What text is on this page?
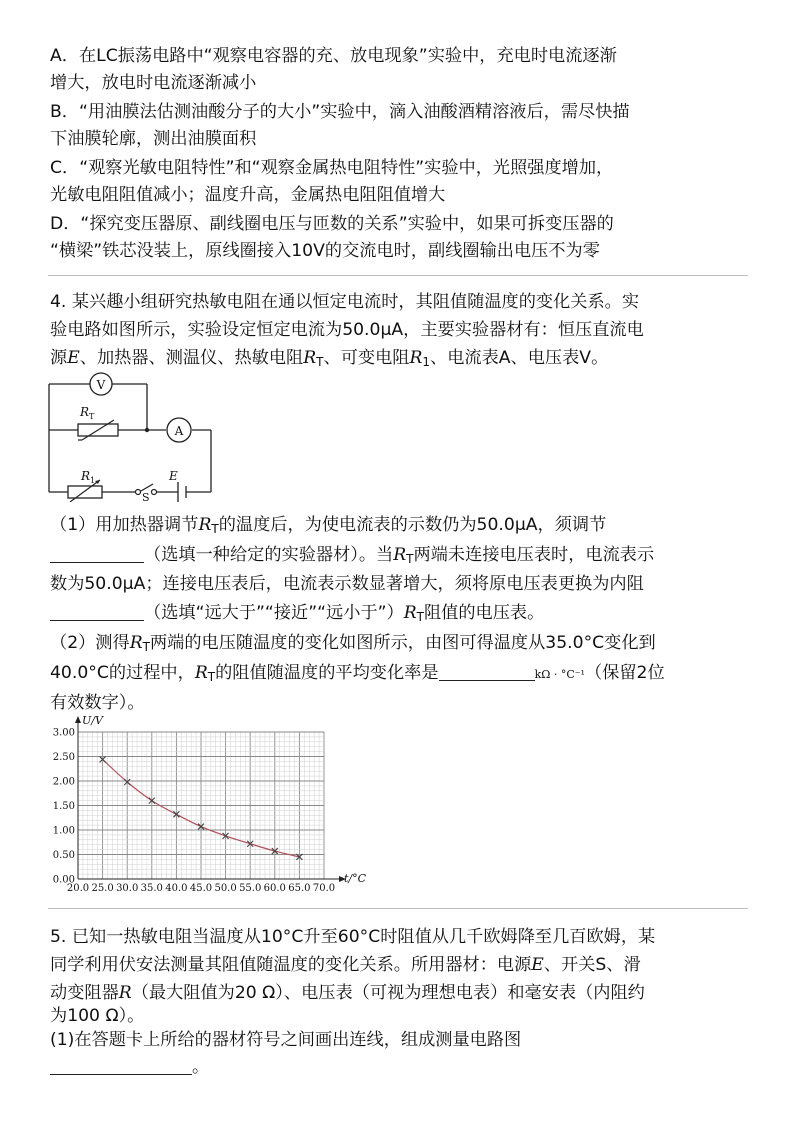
A．在LC振荡电路中“观察电容器的充、放电现象”实验中，充电时电流逐渐
增大，放电时电流逐渐减小
B．“用油膜法估测油酸分子的大小”实验中，滴入油酸酒精溶液后，需尽快描
下油膜轮廓，测出油膜面积
C．“观察光敏电阻特性”和“观察金属热电阻特性”实验中，光照强度增加，
光敏电阻阻值减小；温度升高，金属热电阻阻值增大
D．“探究变压器原、副线圈电压与匝数的关系”实验中，如果可拆变压器的
“横梁”铁芯没装上，原线圈接入10V的交流电时，副线圈输出电压不为零
4. 某兴趣小组研究热敏电阻在通以恒定电流时，其阻值随温度的变化关系。实
验电路如图所示，实验设定恒定电流为50.0μA，主要实验器材有：恒压直流电
源E、加热器、测温仪、热敏电阻$R_T$、可变电阻$R_1$、电流表A、电压表V。
V
$R_T$
A
$R_1$
S
E
（1）用加热器调节$R_T$的温度后，为使电流表的示数仍为50.0μA，须调节
（选填一种给定的实验器材）。当$R_T$两端未连接电压表时，电流表示
数为50.0μA；连接电压表后，电流表示数显著增大，须将原电压表更换为内阻
（选填“远大于”“接近”“远小于$”)R_T$阻值的电压表。
（2）测得$R_T$两端的电压随温度的变化如图所示，由图可得温度从35.0°C变化到
40.0°C的过程中，$R_T$的阻值随温度的平均变化率是	kΩ · °C⁻¹（保留2位
有效数字）。
20.0 25.0 30.0 35.0 40.0 45.0 50.0 55.0 60.0 65.0 70.0
0.00
0.50
1.00
1.50
2.00
2.50
3.00
t/°C
U/V
5. 已知一热敏电阻当温度从10°C升至60°C时阻值从几千欧姆降至几百欧姆，某
同学利用伏安法测量其阻值随温度的变化关系。所用器材：电源E、开关S、滑
动变阻器R（最大阻值为20 Ω）、电压表（可视为理想电表）和毫安表（内阻约
为100 Ω）。
(1)在答题卡上所给的器材符号之间画出连线，组成测量电路图
。
